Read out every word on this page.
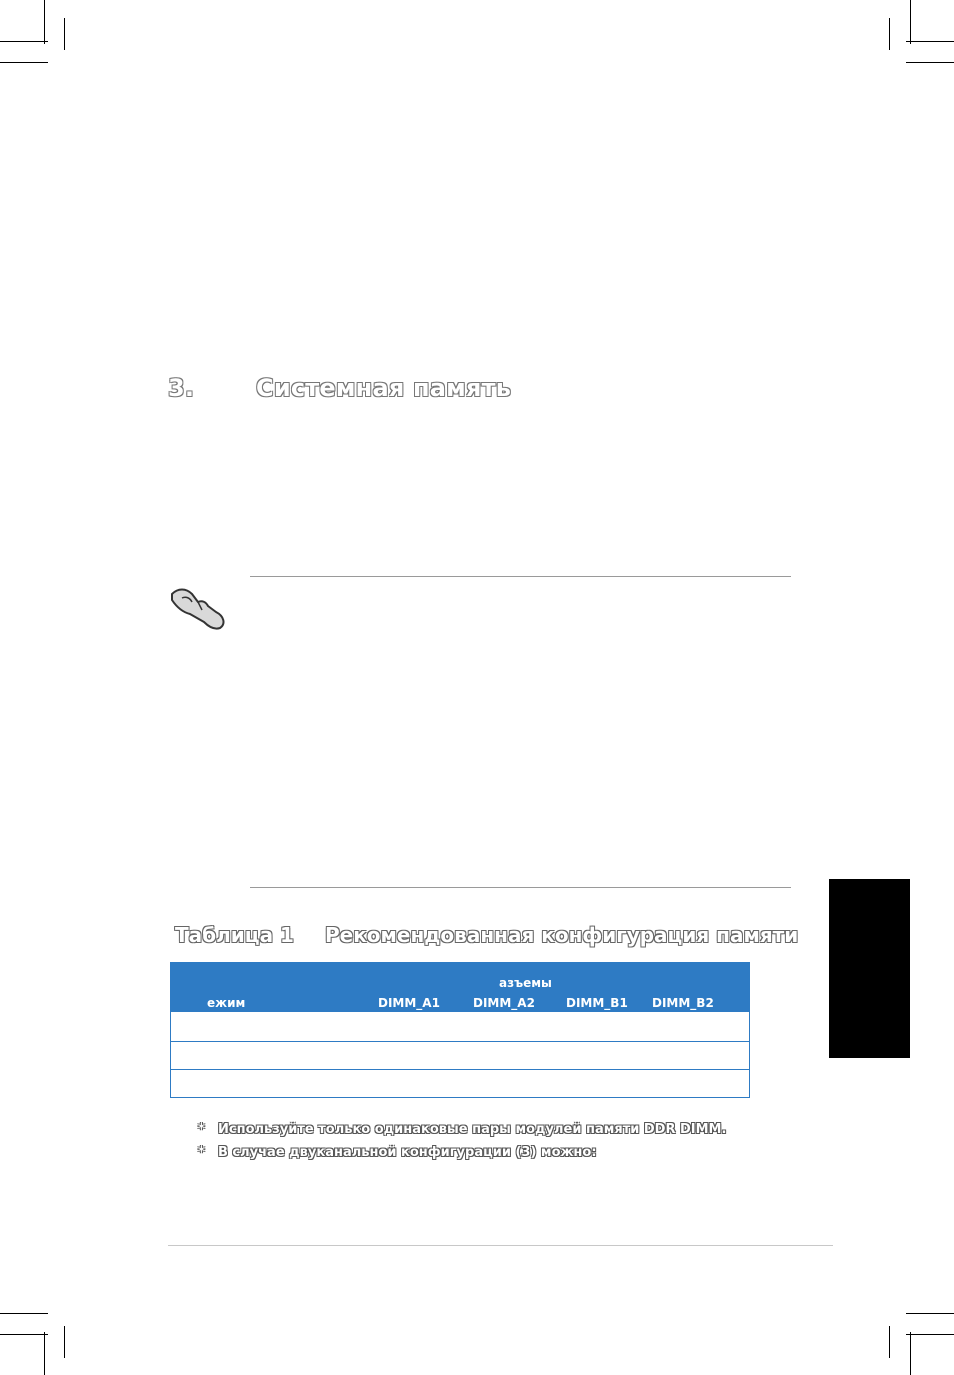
3.	Системная память
Таблица 1 Рекомендованная конфигурация памяти
азъемы
ежим	DIMM_A1	DIMM_A2	DIMM_B1 DIMM_B2
* Используйте только одинаковые пары модулей памяти DDR DIMM.
* В случае двуканальной конфигурации (3) можно:
